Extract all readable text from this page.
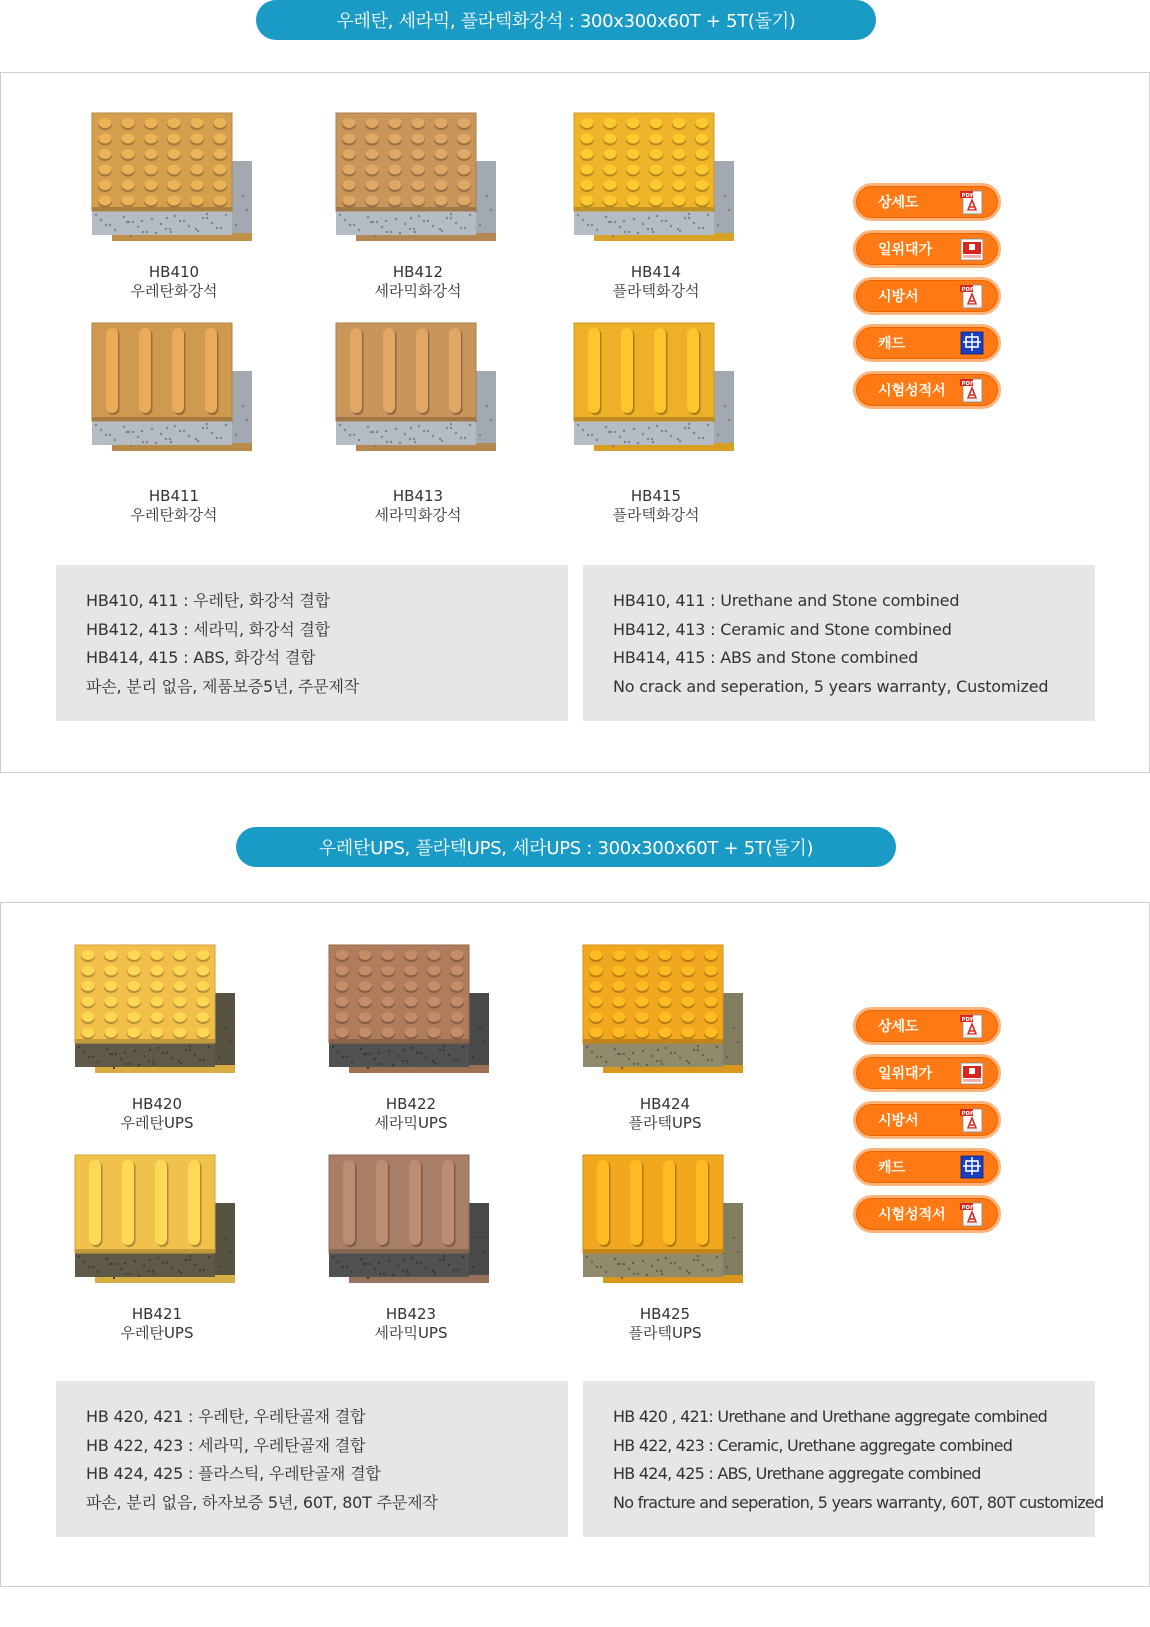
우레탄, 세라믹, 플라텍화강석 : 300x300x60T + 5T(돌기)
HB410
우레탄화강석
HB412
세라믹화강석
HB414
플라텍화강석
HB411
우레탄화강석
HB413
세라믹화강석
HB415
플라텍화강석
상세도	PDF
일위대가
시방서	PDF
캐드
시험성적서	PDF

HB410, 411 : 우레탄, 화강석 결합

HB412, 413 : 세라믹, 화강석 결합

HB414, 415 : ABS, 화강석 결합

파손, 분리 없음, 제품보증5년, 주문제작

HB410, 411 : Urethane and Stone combined

HB412, 413 : Ceramic and Stone combined

HB414, 415 : ABS and Stone combined

No crack and seperation, 5 years warranty, Customized

우레탄UPS, 플라텍UPS, 세라UPS : 300x300x60T + 5T(돌기)
HB420
우레탄UPS
HB422
세라믹UPS
HB424
플라텍UPS
HB421
우레탄UPS
HB423
세라믹UPS
HB425
플라텍UPS
상세도	PDF
일위대가
시방서	PDF
캐드
시험성적서	PDF

HB 420, 421 : 우레탄, 우레탄골재 결합

HB 422, 423 : 세라믹, 우레탄골재 결합

HB 424, 425 : 플라스틱, 우레탄골재 결합

파손, 분리 없음, 하자보증 5년, 60T, 80T 주문제작

HB 420 , 421: Urethane and Urethane aggregate combined

HB 422, 423 : Ceramic, Urethane aggregate combined

HB 424, 425 : ABS, Urethane aggregate combined

No fracture and seperation, 5 years warranty, 60T, 80T customized
